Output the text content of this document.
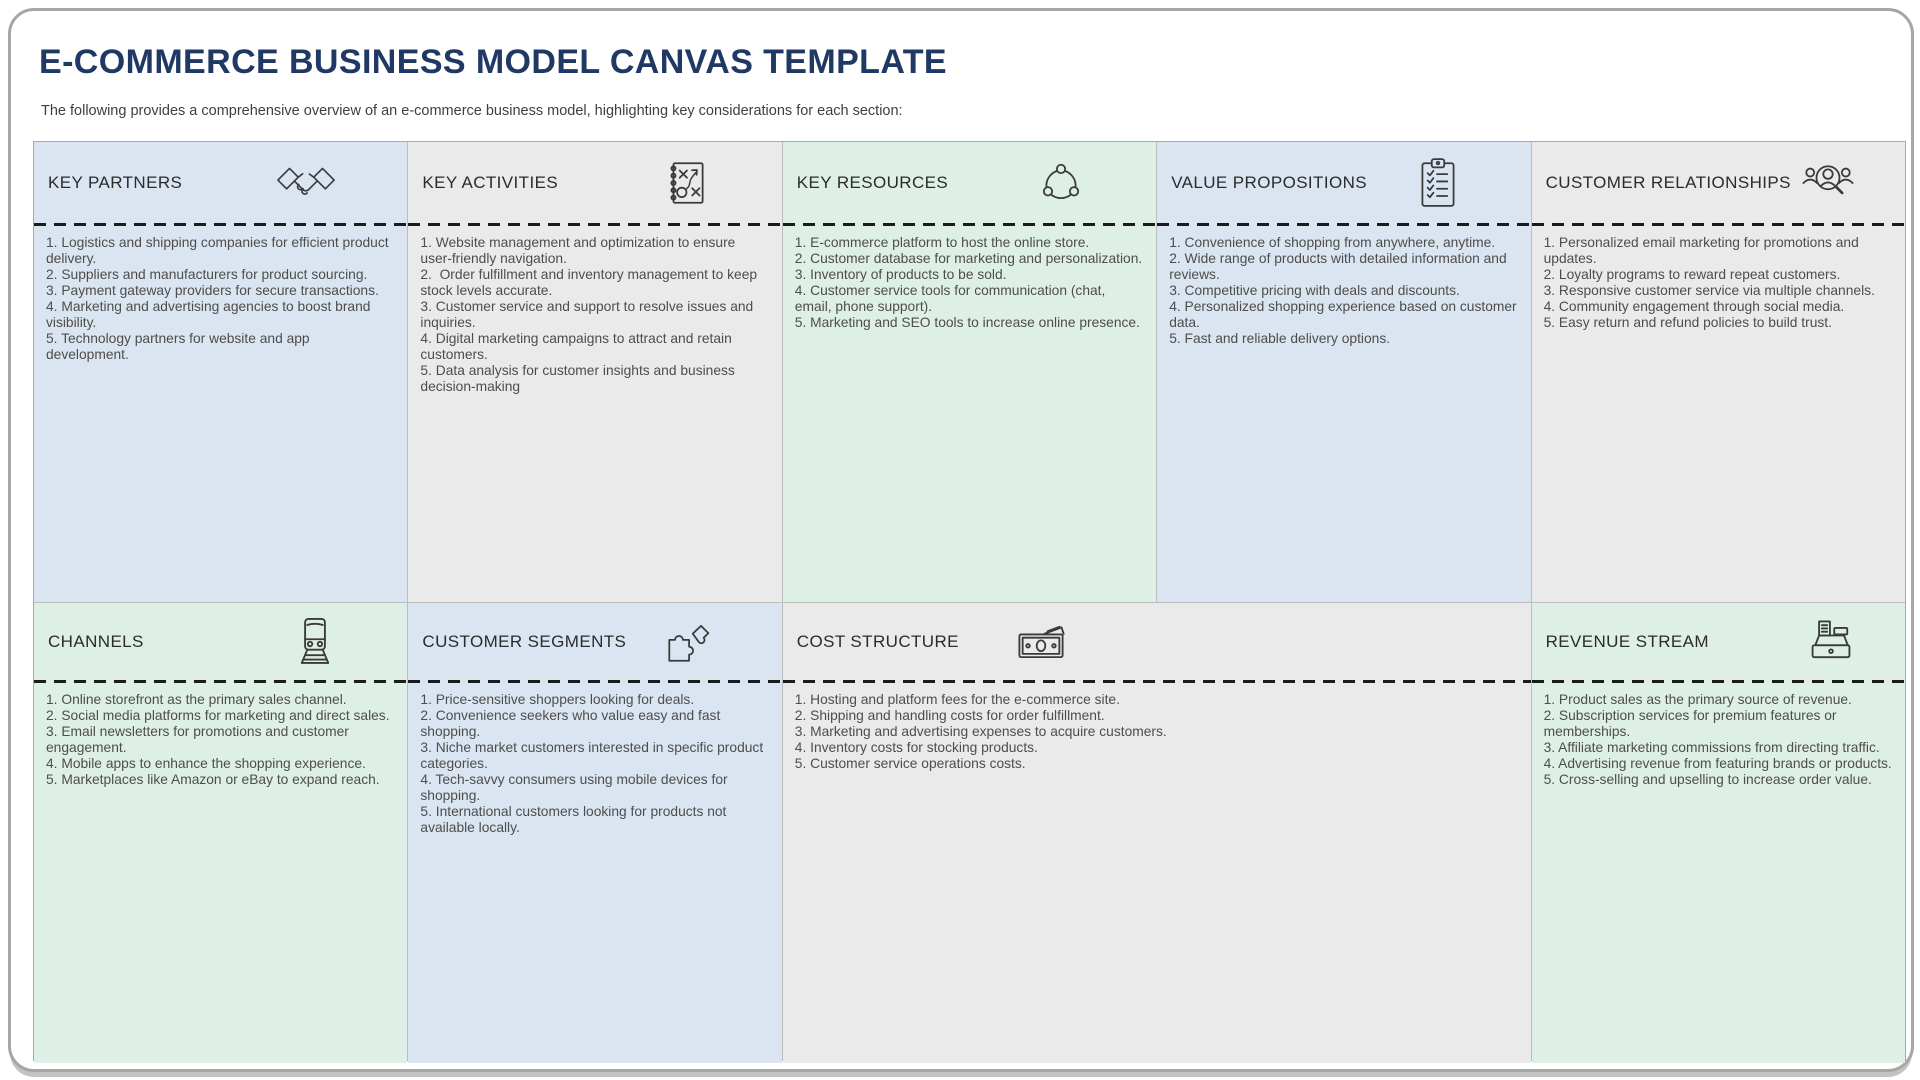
E-COMMERCE BUSINESS MODEL CANVAS TEMPLATE
The following provides a comprehensive overview of an e-commerce business model, highlighting key considerations for each section:
KEY PARTNERS
1. Logistics and shipping companies for efficient product delivery.
2. Suppliers and manufacturers for product sourcing.
3. Payment gateway providers for secure transactions.
4. Marketing and advertising agencies to boost brand visibility.
5. Technology partners for website and app development.
KEY ACTIVITIES
1. Website management and optimization to ensure user-friendly navigation.
2.  Order fulfillment and inventory management to keep stock levels accurate.
3. Customer service and support to resolve issues and inquiries.
4. Digital marketing campaigns to attract and retain customers.
5. Data analysis for customer insights and business decision-making
KEY RESOURCES
1. E-commerce platform to host the online store.
2. Customer database for marketing and personalization.
3. Inventory of products to be sold.
4. Customer service tools for communication (chat, email, phone support).
5. Marketing and SEO tools to increase online presence.
VALUE PROPOSITIONS
1. Convenience of shopping from anywhere, anytime.
2. Wide range of products with detailed information and reviews.
3. Competitive pricing with deals and discounts.
4. Personalized shopping experience based on customer data.
5. Fast and reliable delivery options.
CUSTOMER RELATIONSHIPS
1. Personalized email marketing for promotions and updates.
2. Loyalty programs to reward repeat customers.
3. Responsive customer service via multiple channels.
4. Community engagement through social media.
5. Easy return and refund policies to build trust.
CHANNELS
1. Online storefront as the primary sales channel.
2. Social media platforms for marketing and direct sales.
3. Email newsletters for promotions and customer engagement.
4. Mobile apps to enhance the shopping experience.
5. Marketplaces like Amazon or eBay to expand reach.
CUSTOMER SEGMENTS
1. Price-sensitive shoppers looking for deals.
2. Convenience seekers who value easy and fast shopping.
3. Niche market customers interested in specific product categories.
4. Tech-savvy consumers using mobile devices for shopping.
5. International customers looking for products not available locally.
COST STRUCTURE
1. Hosting and platform fees for the e-commerce site.
2. Shipping and handling costs for order fulfillment.
3. Marketing and advertising expenses to acquire customers.
4. Inventory costs for stocking products.
5. Customer service operations costs.
REVENUE STREAM
1. Product sales as the primary source of revenue.
2. Subscription services for premium features or memberships.
3. Affiliate marketing commissions from directing traffic.
4. Advertising revenue from featuring brands or products.
5. Cross-selling and upselling to increase order value.
